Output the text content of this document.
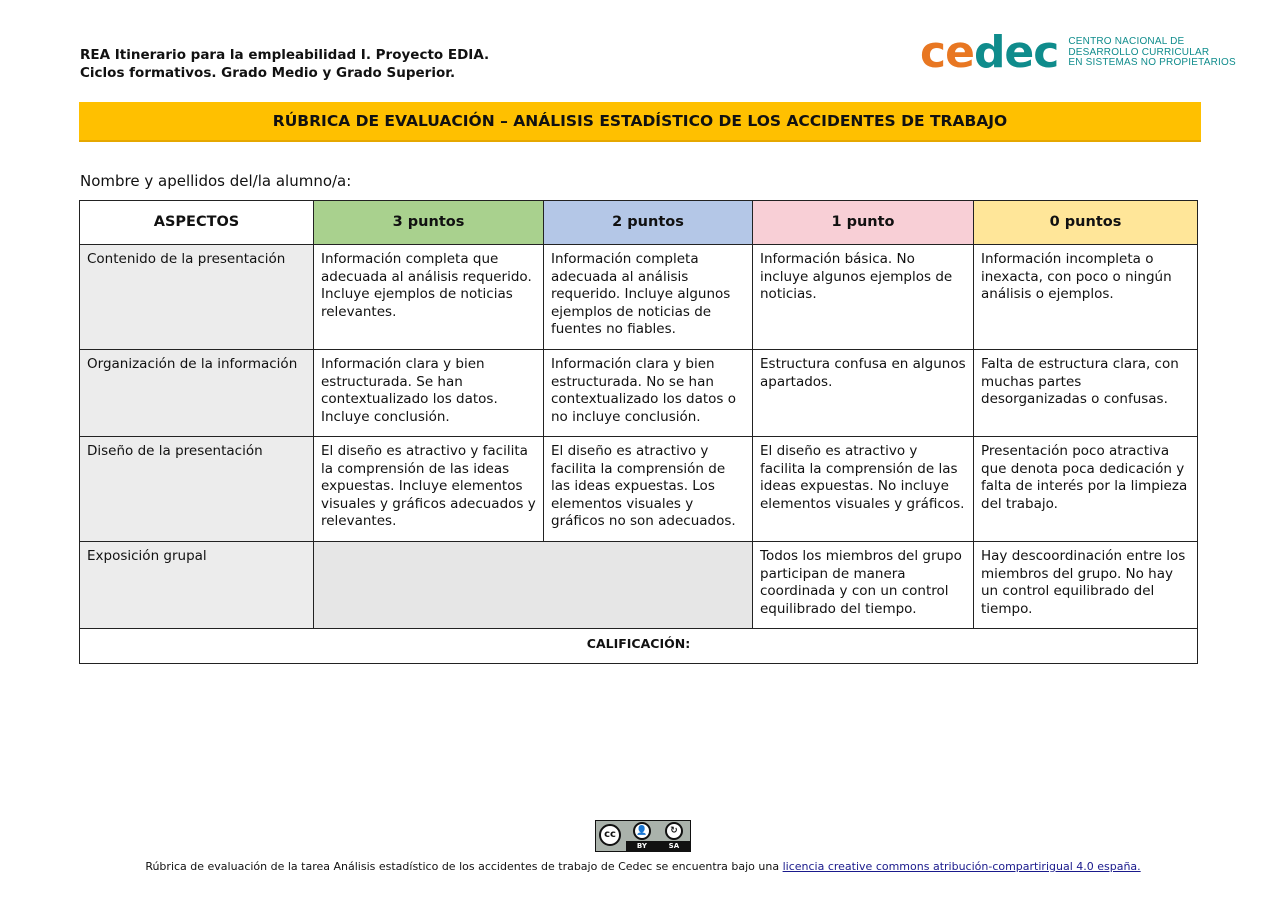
REA Itinerario para la empleabilidad I. Proyecto EDIA.
Ciclos formativos. Grado Medio y Grado Superior.	cedec CENTRO NACIONAL DE
DESARROLLO CURRICULAR
EN SISTEMAS NO PROPIETARIOS
RÚBRICA DE EVALUACIÓN – ANÁLISIS ESTADÍSTICO DE LOS ACCIDENTES DE TRABAJO
Nombre y apellidos del/la alumno/a:
ASPECTOS	3 puntos	2 puntos	1 punto	0 puntos
Contenido de la presentación	Información completa que adecuada al análisis requerido. Incluye ejemplos de noticias relevantes.	Información completa adecuada al análisis requerido. Incluye algunos ejemplos de noticias de fuentes no fiables.	Información básica. No incluye algunos ejemplos de noticias.	Información incompleta o inexacta, con poco o ningún análisis o ejemplos.
Organización de la información	Información clara y bien estructurada. Se han contextualizado los datos. Incluye conclusión.	Información clara y bien estructurada. No se han contextualizado los datos o no incluye conclusión.	Estructura confusa en algunos apartados.	Falta de estructura clara, con muchas partes desorganizadas o confusas.
Diseño de la presentación	El diseño es atractivo y facilita la comprensión de las ideas expuestas. Incluye elementos visuales y gráficos adecuados y relevantes.	El diseño es atractivo y facilita la comprensión de las ideas expuestas. Los elementos visuales y gráficos no son adecuados.	El diseño es atractivo y facilita la comprensión de las ideas expuestas. No incluye elementos visuales y gráficos.	Presentación poco atractiva que denota poca dedicación y falta de interés por la limpieza del trabajo.
Exposición grupal			Todos los miembros del grupo participan de manera coordinada y con un control equilibrado del tiempo.	Hay descoordinación entre los miembros del grupo. No hay un control equilibrado del tiempo.
CALIFICACIÓN:				
cc	👤	↻
BY	SA
Rúbrica de evaluación de la tarea Análisis estadístico de los accidentes de trabajo de Cedec se encuentra bajo una licencia creative commons atribución-compartirigual 4.0 españa.
